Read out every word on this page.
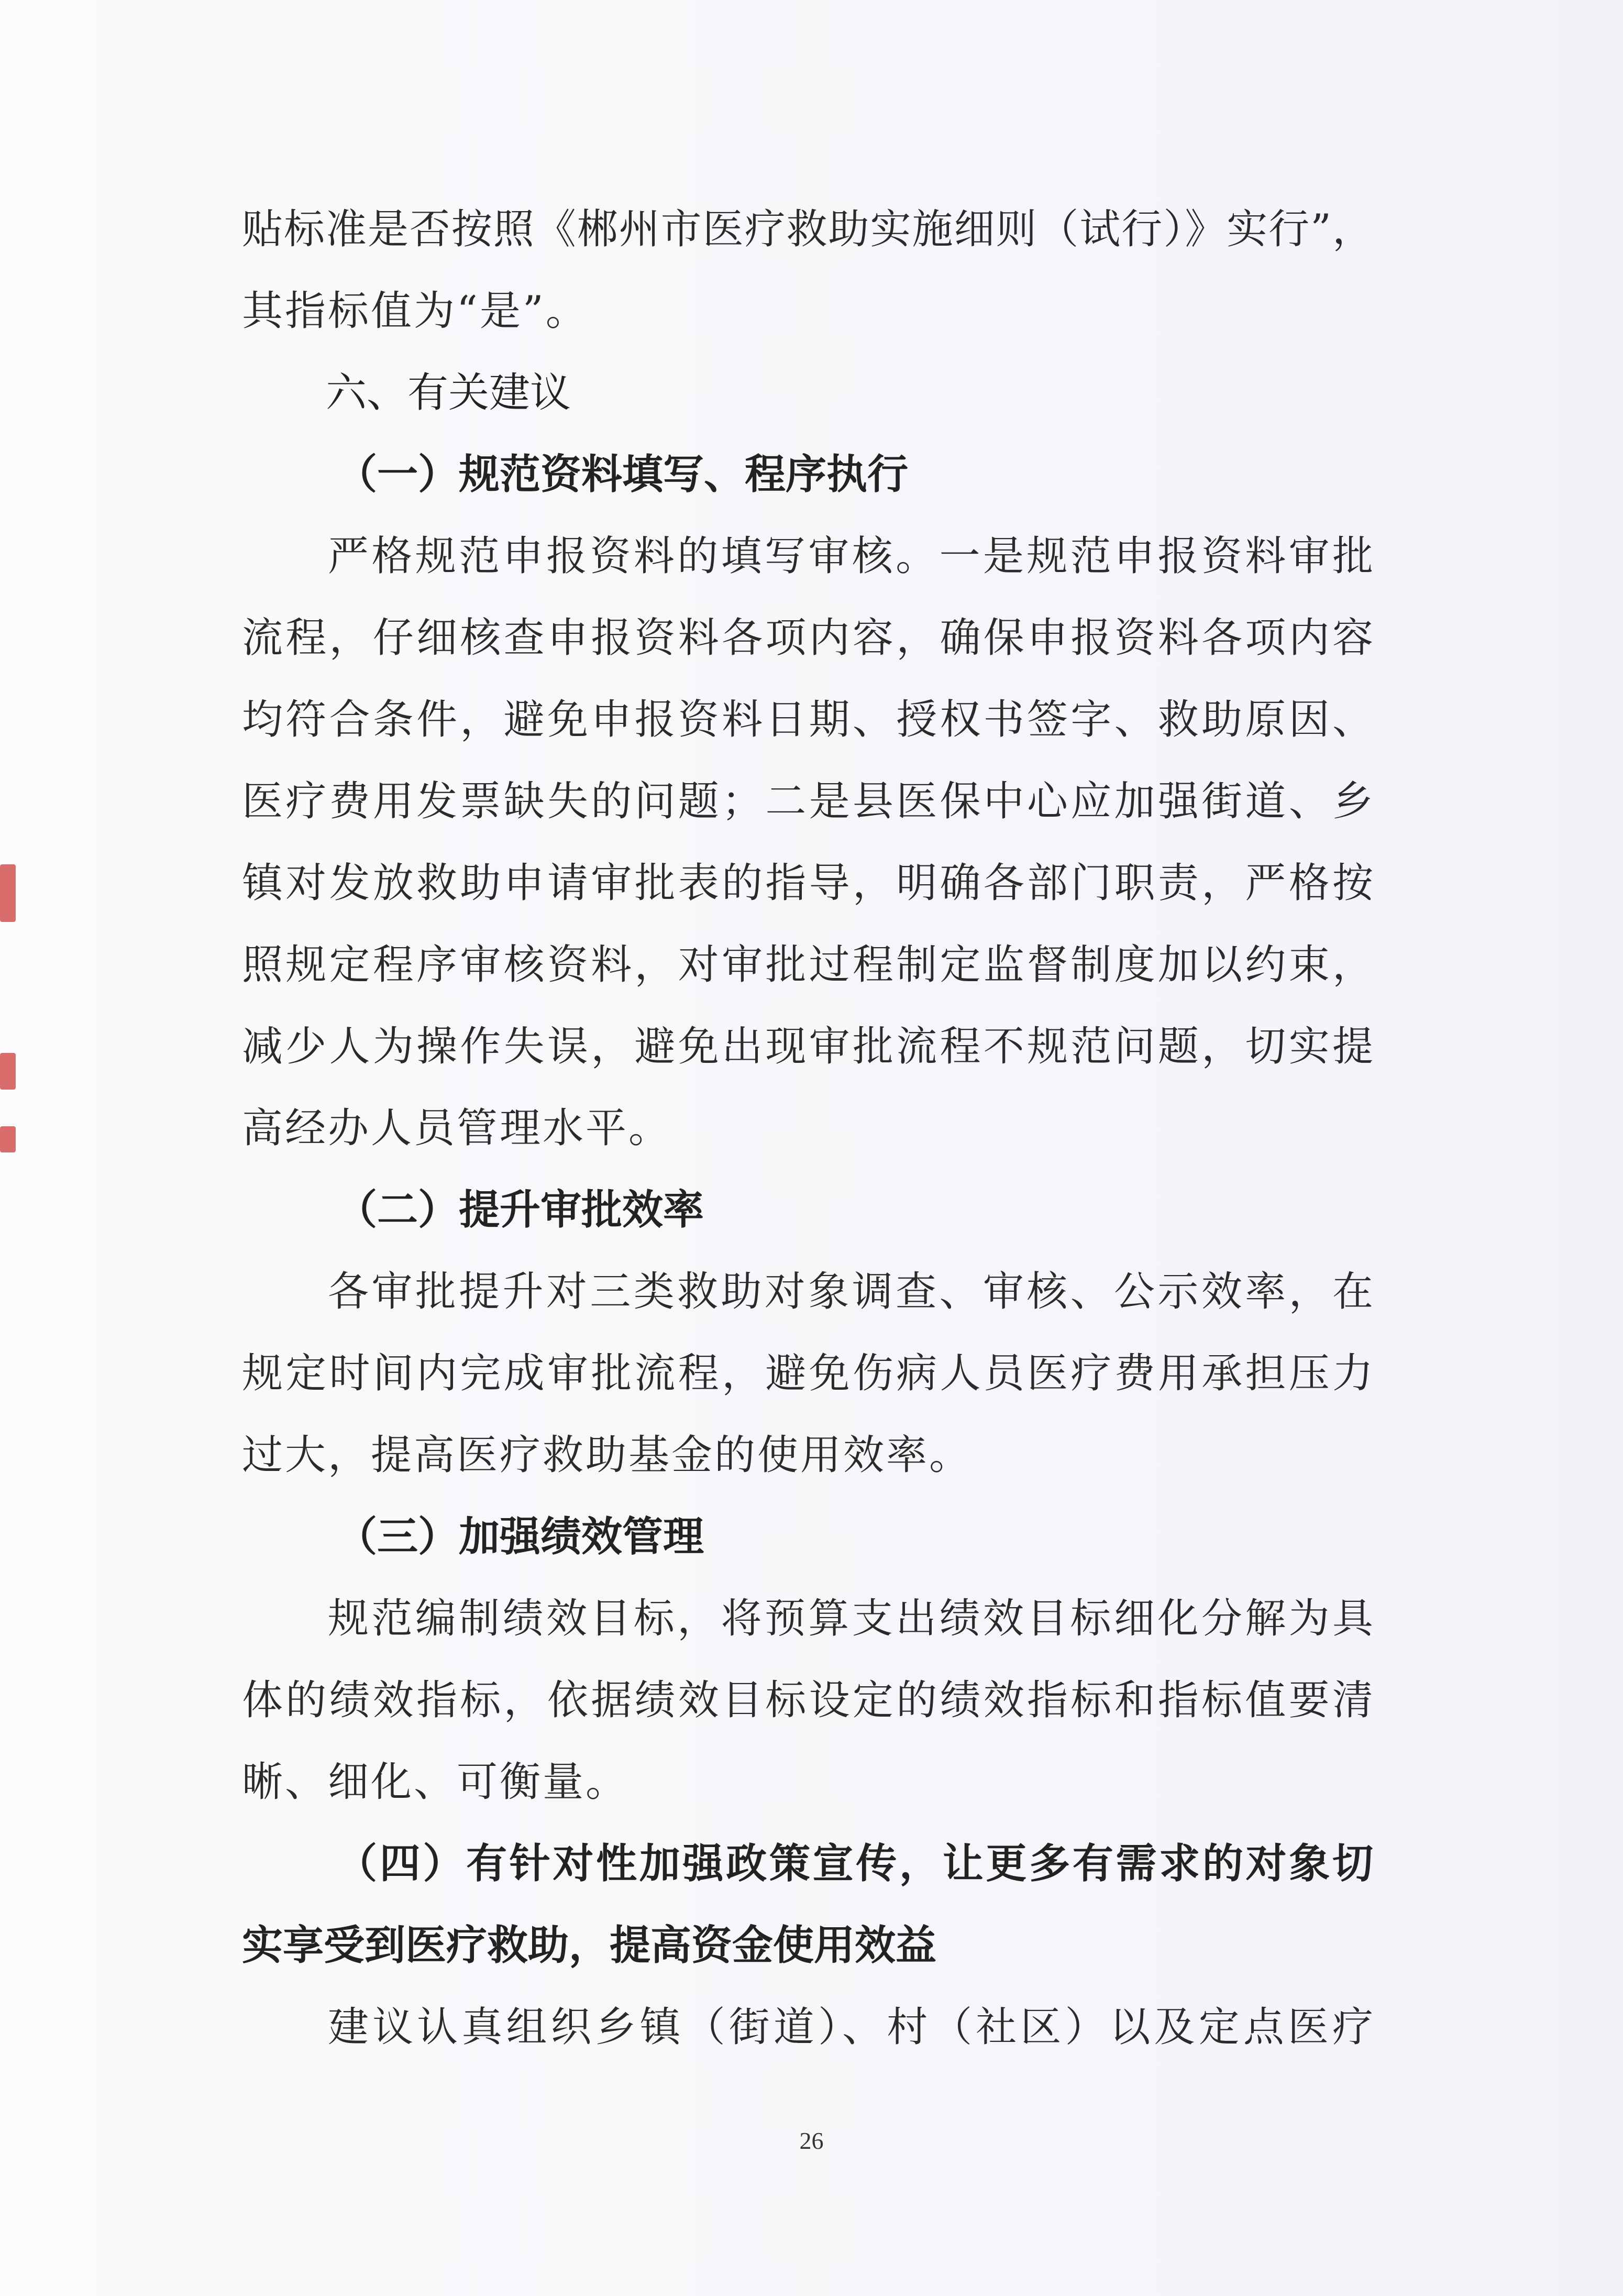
贴标准是否按照《郴州市医疗救助实施细则（试行）》实行”，
其指标值为“是”。
六、有关建议
（一）规范资料填写、程序执行
严格规范申报资料的填写审核。一是规范申报资料审批
流程，仔细核查申报资料各项内容，确保申报资料各项内容
均符合条件，避免申报资料日期、授权书签字、救助原因、
医疗费用发票缺失的问题；二是县医保中心应加强街道、乡
镇对发放救助申请审批表的指导，明确各部门职责，严格按
照规定程序审核资料，对审批过程制定监督制度加以约束，
减少人为操作失误，避免出现审批流程不规范问题，切实提
高经办人员管理水平。
（二）提升审批效率
各审批提升对三类救助对象调查、审核、公示效率，在
规定时间内完成审批流程，避免伤病人员医疗费用承担压力
过大，提高医疗救助基金的使用效率。
（三）加强绩效管理
规范编制绩效目标，将预算支出绩效目标细化分解为具
体的绩效指标，依据绩效目标设定的绩效指标和指标值要清
晰、细化、可衡量。
（四）有针对性加强政策宣传，让更多有需求的对象切
实享受到医疗救助，提高资金使用效益
建议认真组织乡镇（街道）、村（社区）以及定点医疗
26
